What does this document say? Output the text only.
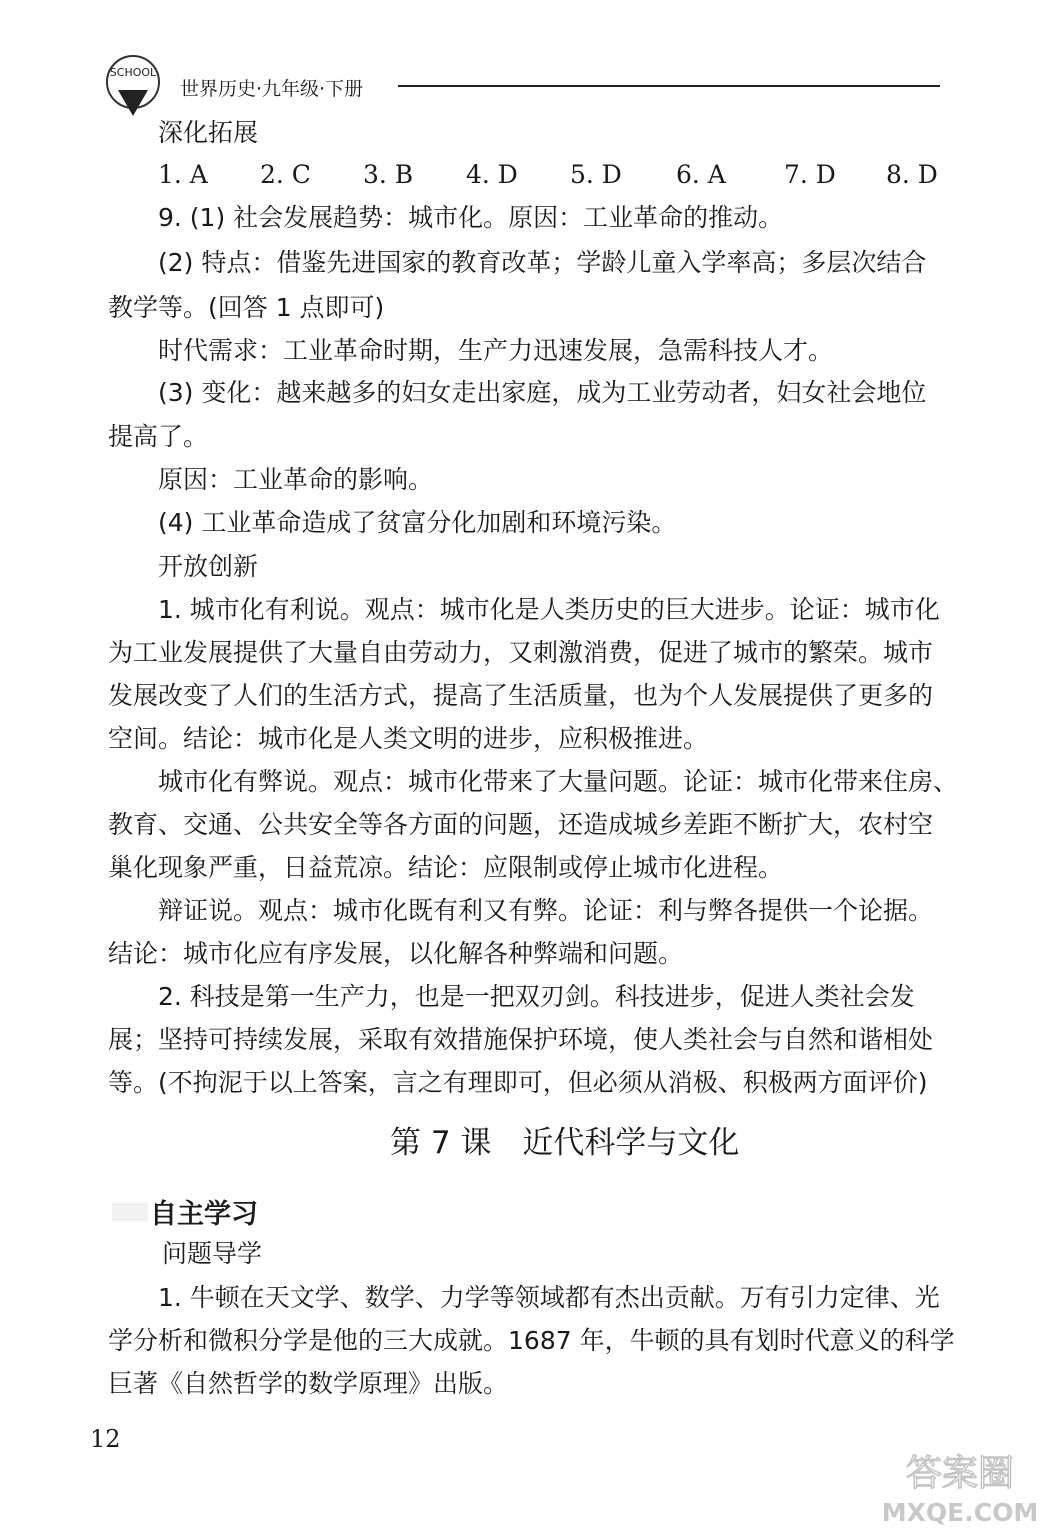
SCHOOL
世界历史·九年级·下册
深化拓展
1. A 2. C 3. B 4. D 5. D 6. A 7. D 8. D
9. (1) 社会发展趋势：城市化。原因：工业革命的推动。
(2) 特点：借鉴先进国家的教育改革；学龄儿童入学率高；多层次结合
教学等。(回答 1 点即可)
时代需求：工业革命时期，生产力迅速发展，急需科技人才。
(3) 变化：越来越多的妇女走出家庭，成为工业劳动者，妇女社会地位
提高了。
原因：工业革命的影响。
(4) 工业革命造成了贫富分化加剧和环境污染。
开放创新
1. 城市化有利说。观点：城市化是人类历史的巨大进步。论证：城市化
为工业发展提供了大量自由劳动力，又刺激消费，促进了城市的繁荣。城市
发展改变了人们的生活方式，提高了生活质量，也为个人发展提供了更多的
空间。结论：城市化是人类文明的进步，应积极推进。
城市化有弊说。观点：城市化带来了大量问题。论证：城市化带来住房、
教育、交通、公共安全等各方面的问题，还造成城乡差距不断扩大，农村空
巢化现象严重，日益荒凉。结论：应限制或停止城市化进程。
辩证说。观点：城市化既有利又有弊。论证：利与弊各提供一个论据。
结论：城市化应有序发展，以化解各种弊端和问题。
2. 科技是第一生产力，也是一把双刃剑。科技进步，促进人类社会发
展；坚持可持续发展，采取有效措施保护环境，使人类社会与自然和谐相处
等。(不拘泥于以上答案，言之有理即可，但必须从消极、积极两方面评价)
第 7 课　近代科学与文化
自主学习
问题导学
1. 牛顿在天文学、数学、力学等领域都有杰出贡献。万有引力定律、光
学分析和微积分学是他的三大成就。1687 年，牛顿的具有划时代意义的科学
巨著《自然哲学的数学原理》出版。
12
答案圈
MXQE.COM
